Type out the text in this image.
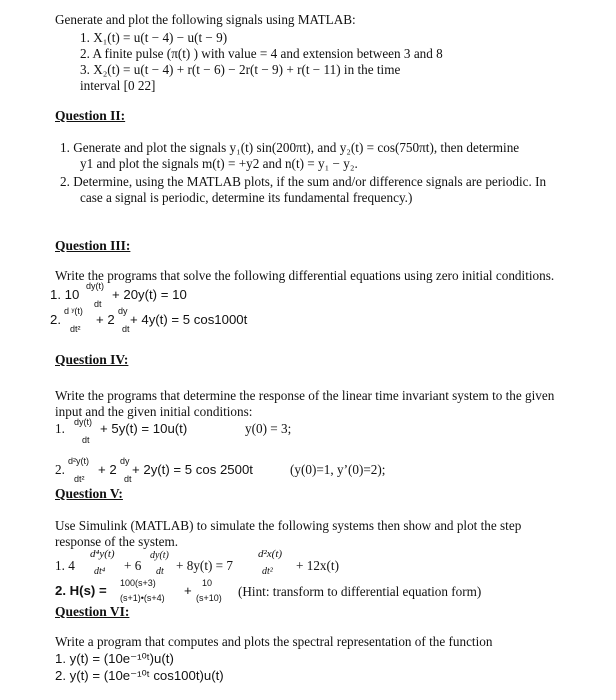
Generate and plot the following signals using MATLAB:
1. X₁(t) = u(t − 4) − u(t − 9)
2. A finite pulse (π(t) ) with value = 4 and extension between 3 and 8
3. X₂(t) = u(t − 4) + r(t − 6) − 2r(t − 9) + r(t − 11) in the time
interval [0 22]
Question II:
1. Generate and plot the signals y₁(t) sin(200πt), and y₂(t) = cos(750πt), then determine
y1 and plot the signals m(t) = +y2 and n(t) = y₁ − y₂.
2. Determine, using the MATLAB plots, if the sum and/or difference signals are periodic. In
case a signal is periodic, determine its fundamental frequency.)
Question III:
Write the programs that solve the following differential equations using zero initial conditions.
1. 10
dy(t)
dt
+ 20y(t) = 10
2.
d ʸ(t)
dt²
+ 2
dy
dt
+ 4y(t) = 5 cos1000t
Question IV:
Write the programs that determine the response of the linear time invariant system to the given
input and the given initial conditions:
1. dy(t)
dt
+ 5y(t) = 10u(t)	y(0) = 3;
2.
d²y(t)
dt²
+ 2
dy
dt
+ 2y(t) = 5 cos 2500t	(y(0)=1, y’(0)=2);
Question V:
Use Simulink (MATLAB) to simulate the following systems then show and plot the step
response of the system.
1. 4
d⁴y(t)
dt⁴ + 6
dy(t)
dt + 8y(t) = 7
d²x(t)
dt² + 12x(t)
2. H(s) = 100(s+3)
(s+1)•(s+4) + 10
(s+10) (Hint: transform to differential equation form)
Question VI:
Write a program that computes and plots the spectral representation of the function
1. y(t) = (10e⁻¹⁰ᵗ)u(t)
2. y(t) = (10e⁻¹⁰ᵗ cos100t)u(t)
